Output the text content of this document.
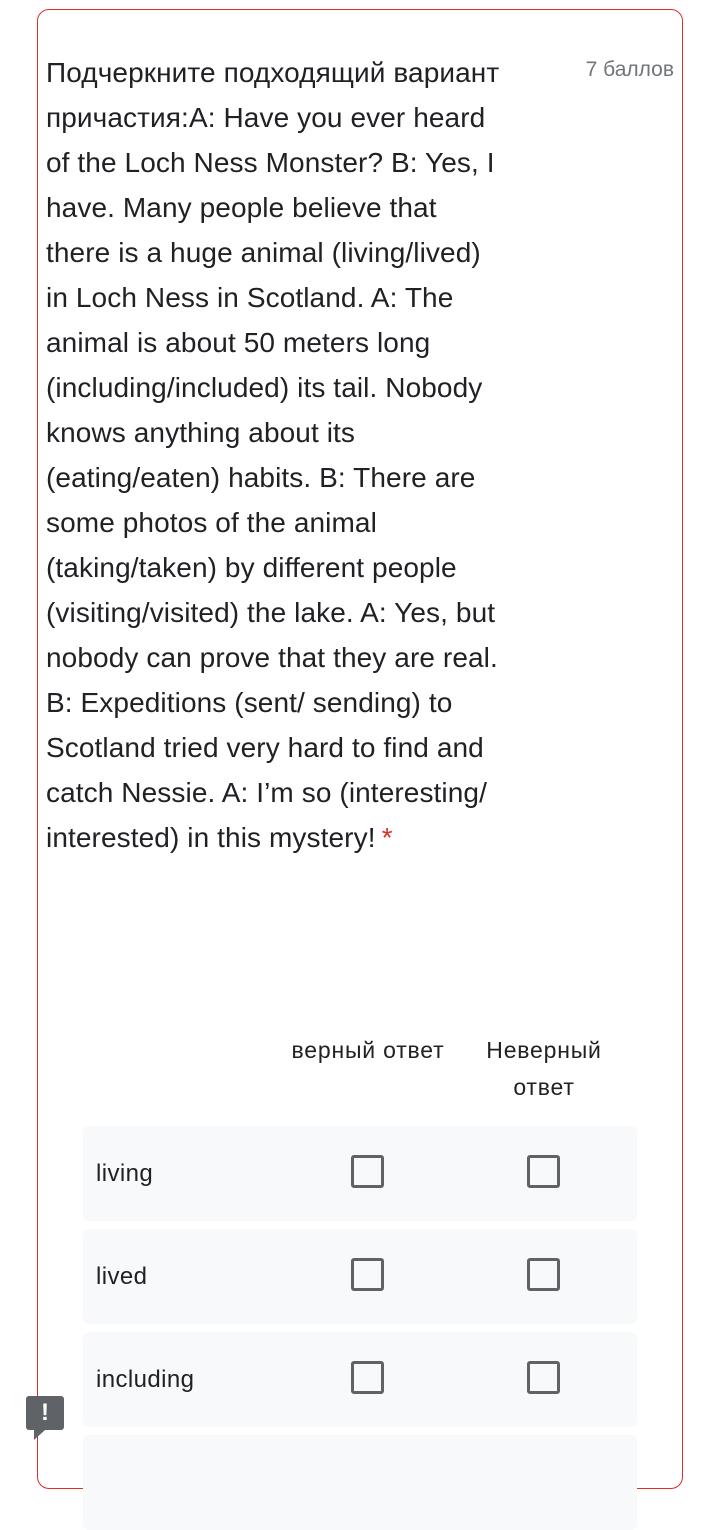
Подчеркните подходящий вариант причастия:A: Have you ever heard of the Loch Ness Monster? B: Yes, I have. Many people believe that there is a huge animal (living/lived) in Loch Ness in Scotland. A: The animal is about 50 meters long (including/included) its tail. Nobody knows anything about its (eating/eaten) habits. B: There are some photos of the animal (taking/taken) by different people (visiting/visited) the lake. A: Yes, but nobody can prove that they are real. B: Expeditions (sent/ sending) to Scotland tried very hard to find and catch Nessie. A: I’m so (interesting/ interested) in this mystery! *
7 баллов
верный ответ	Неверный ответ
living
lived
including
!
